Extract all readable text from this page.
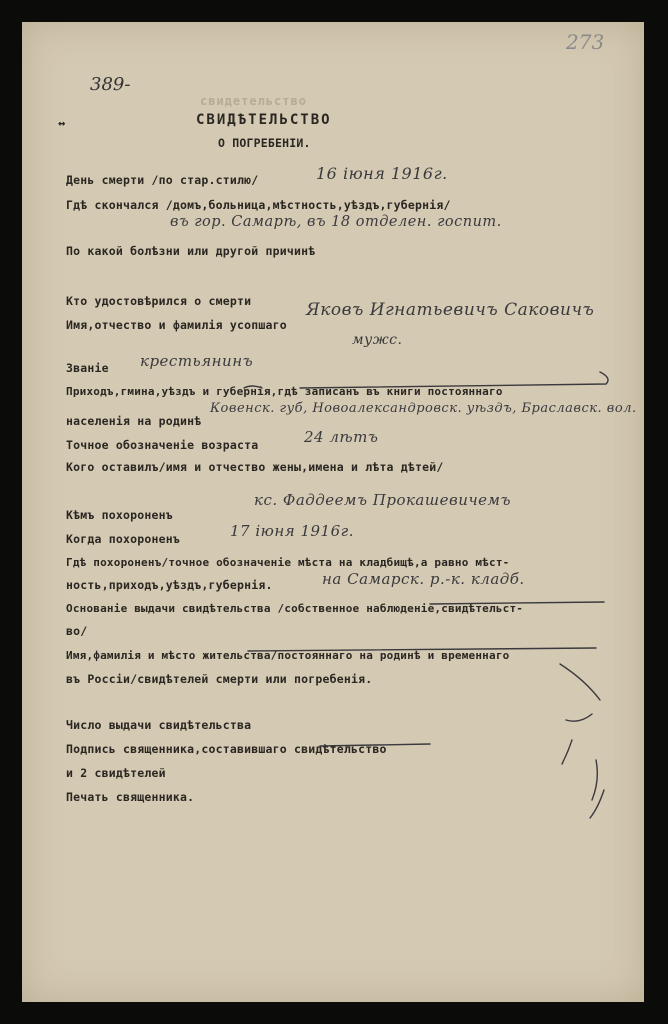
273
389-
↔
свидетельство
СВИДѢТЕЛЬСТВО
О ПОГРЕБЕНІИ.
День смерти /по стар.стилю/	16 іюня 1916г.
Гдѣ скончался /домъ,больница,мѣстность,уѣздъ,губернія/
въ гор. Самарѣ, въ 18 отделен. госпит.
По какой болѣзни или другой причинѣ
Кто удостовѣрился о смерти
Имя,отчество и фамилія усопшаго
Яковъ Игнатьевичъ Саковичъ
мужс.
Званіе крестьянинъ
Приходъ,гмина,уѣздъ и губернія,гдѣ записанъ въ книги постояннаго
населенія на родинѣ
Ковенск. губ, Новоалександровск. уѣздъ, Браславск. вол.
Точное обозначеніе возраста	24 лѣтъ
Кого оставилъ/имя и отчество жены,имена и лѣта дѣтей/
Кѣмъ похороненъ
кс. Фаддеемъ Прокашевичемъ
Когда похороненъ	17 іюня 1916г.
Гдѣ похороненъ/точное обозначеніе мѣста на кладбищѣ,а равно мѣст-
ность,приходъ,уѣздъ,губернія.	на Самарск. р.-к. кладб.
Основаніе выдачи свидѣтельства /собственное наблюденіе,свидѣтельст-
во/
Имя,фамилія и мѣсто жительства/постояннаго на родинѣ и временнаго
въ Россіи/свидѣтелей смерти или погребенія.
Число выдачи свидѣтельства
Подпись священника,составившаго свидѣтельство
и 2 свидѣтелей
Печать священника.
